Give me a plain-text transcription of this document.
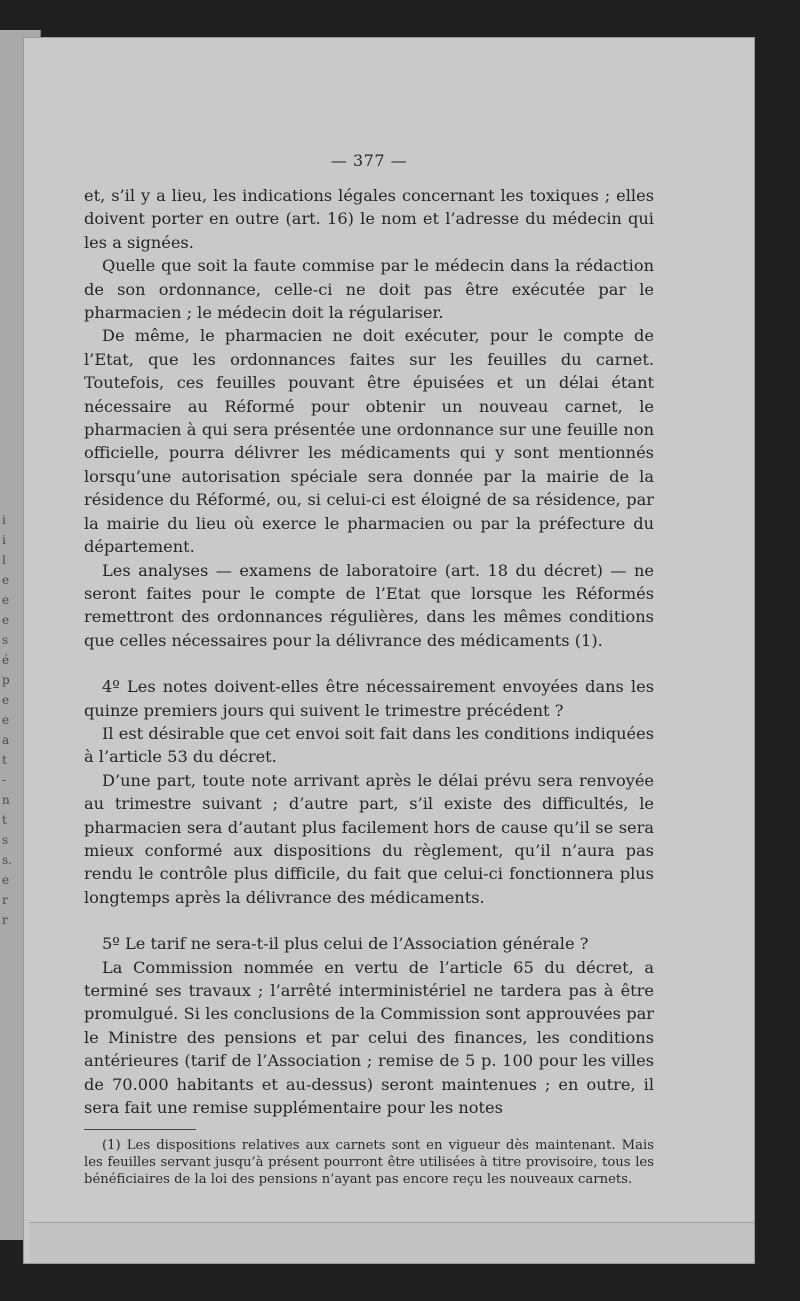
i
i
l
e
e
e
s
é
p
e
e
a
t
-
n
t
s
s.
e
r
r
— 377 —

et, s’il y a lieu, les indications légales concernant les toxiques ; elles doivent porter en outre (art. 16) le nom et l’adresse du médecin qui les a signées.

Quelle que soit la faute commise par le médecin dans la rédaction de son ordonnance, celle-ci ne doit pas être exécutée par le pharmacien ; le médecin doit la régulariser.

De même, le pharmacien ne doit exécuter, pour le compte de l’Etat, que les ordonnances faites sur les feuilles du carnet. Toutefois, ces feuilles pouvant être épuisées et un délai étant nécessaire au Réformé pour obtenir un nouveau carnet, le pharmacien à qui sera présentée une ordonnance sur une feuille non officielle, pourra délivrer les médicaments qui y sont mentionnés lorsqu’une autorisation spéciale sera donnée par la mairie de la résidence du Réformé, ou, si celui-ci est éloigné de sa résidence, par la mairie du lieu où exerce le pharmacien ou par la préfecture du département.

Les analyses — examens de laboratoire (art. 18 du décret) — ne seront faites pour le compte de l’Etat que lorsque les Réformés remettront des ordonnances régulières, dans les mêmes conditions que celles nécessaires pour la délivrance des médicaments (1).

4º Les notes doivent-elles être nécessairement envoyées dans les quinze premiers jours qui suivent le trimestre précédent ?

Il est désirable que cet envoi soit fait dans les conditions indiquées à l’article 53 du décret.

D’une part, toute note arrivant après le délai prévu sera renvoyée au trimestre suivant ; d’autre part, s’il existe des difficultés, le pharmacien sera d’autant plus facilement hors de cause qu’il se sera mieux conformé aux dispositions du règlement, qu’il n’aura pas rendu le contrôle plus difficile, du fait que celui-ci fonctionnera plus longtemps après la délivrance des médicaments.

5º Le tarif ne sera-t-il plus celui de l’Association générale ?

La Commission nommée en vertu de l’article 65 du décret, a terminé ses travaux ; l’arrêté interministériel ne tardera pas à être promulgué. Si les conclusions de la Commission sont approuvées par le Ministre des pensions et par celui des finances, les conditions antérieures (tarif de l’Association ; remise de 5 p. 100 pour les villes de 70.000 habitants et au-dessus) seront maintenues ; en outre, il sera fait une remise supplémentaire pour les notes

(1) Les dispositions relatives aux carnets sont en vigueur dès maintenant. Mais les feuilles servant jusqu’à présent pourront être utilisées à titre provisoire, tous les bénéficiaires de la loi des pensions n’ayant pas encore reçu les nouveaux carnets.
